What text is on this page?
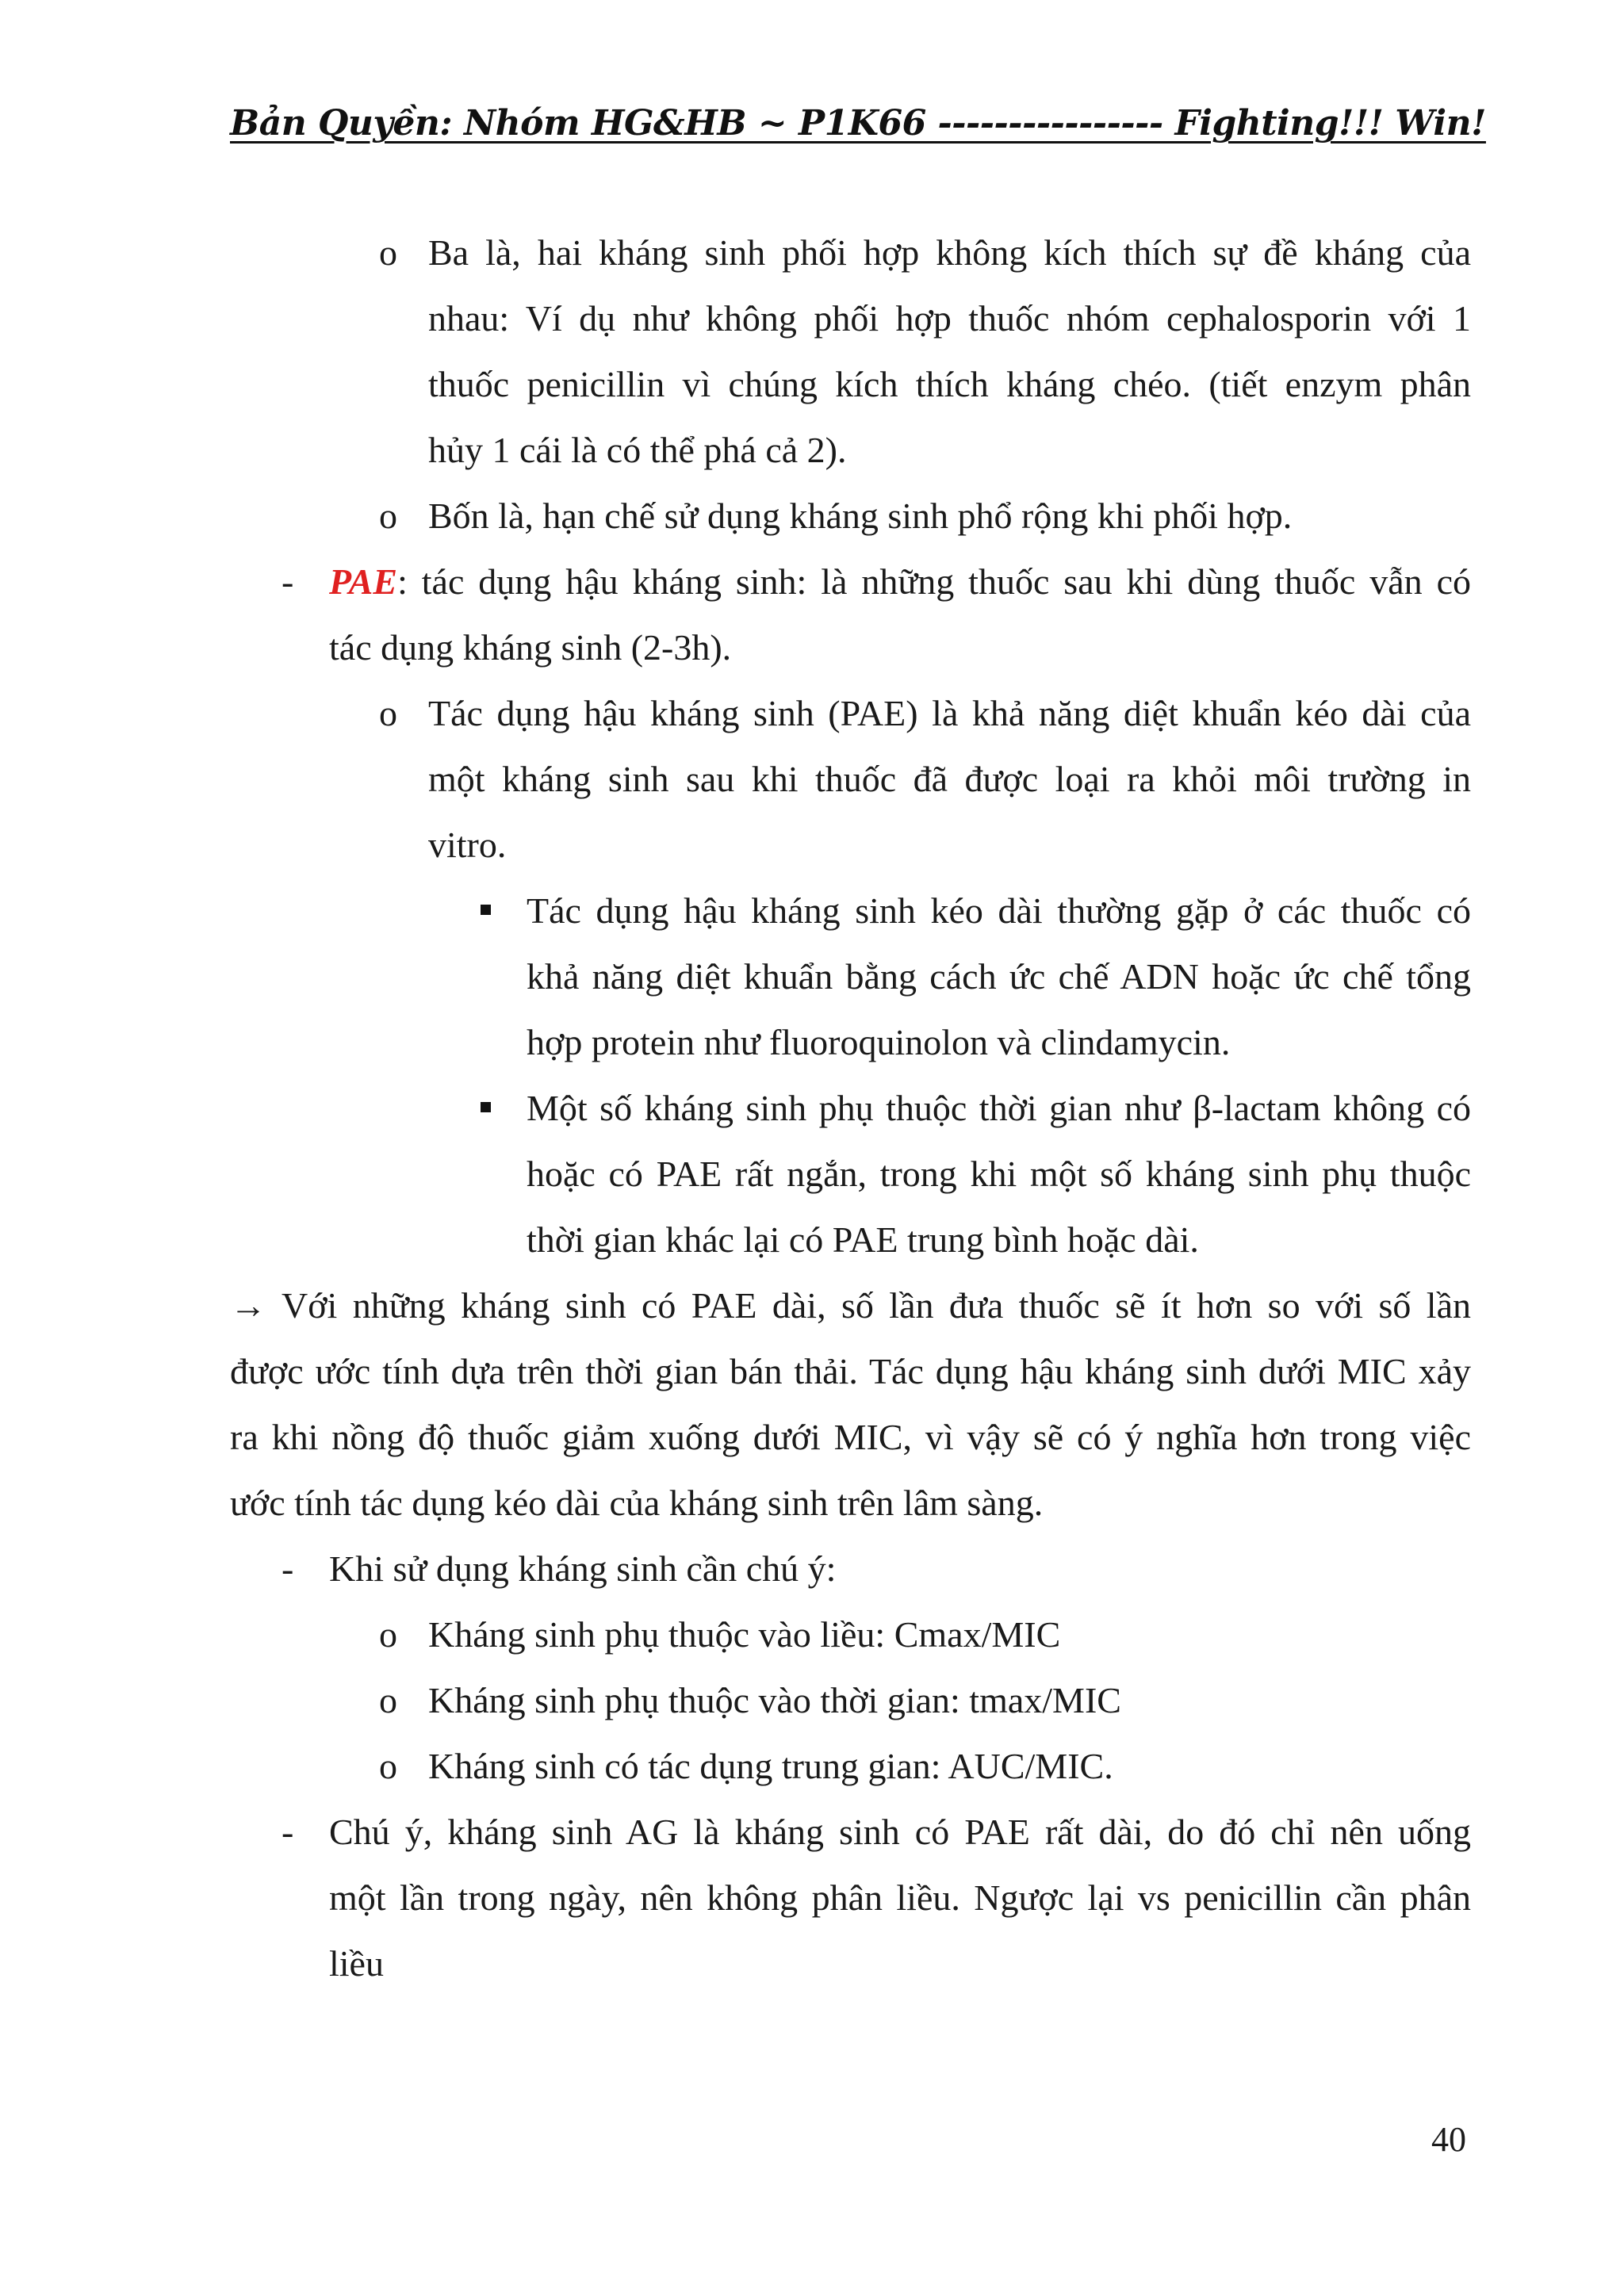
Bản Quyền: Nhóm HG&HB ~ P1K66 ---------------- Fighting!!! Win!
o Ba là, hai kháng sinh phối hợp không kích thích sự đề kháng của
nhau: Ví dụ như không phối hợp thuốc nhóm cephalosporin với 1
thuốc penicillin vì chúng kích thích kháng chéo. (tiết enzym phân
hủy 1 cái là có thể phá cả 2).
o Bốn là, hạn chế sử dụng kháng sinh phổ rộng khi phối hợp.
- PAE: tác dụng hậu kháng sinh: là những thuốc sau khi dùng thuốc vẫn có
tác dụng kháng sinh (2-3h).
o Tác dụng hậu kháng sinh (PAE) là khả năng diệt khuẩn kéo dài của
một kháng sinh sau khi thuốc đã được loại ra khỏi môi trường in
vitro.
Tác dụng hậu kháng sinh kéo dài thường gặp ở các thuốc có
khả năng diệt khuẩn bằng cách ức chế ADN hoặc ức chế tổng
hợp protein như fluoroquinolon và clindamycin.
Một số kháng sinh phụ thuộc thời gian như β-lactam không có
hoặc có PAE rất ngắn, trong khi một số kháng sinh phụ thuộc
thời gian khác lại có PAE trung bình hoặc dài.
→ Với những kháng sinh có PAE dài, số lần đưa thuốc sẽ ít hơn so với số lần
được ước tính dựa trên thời gian bán thải. Tác dụng hậu kháng sinh dưới MIC xảy
ra khi nồng độ thuốc giảm xuống dưới MIC, vì vậy sẽ có ý nghĩa hơn trong việc
ước tính tác dụng kéo dài của kháng sinh trên lâm sàng.
- Khi sử dụng kháng sinh cần chú ý:
o Kháng sinh phụ thuộc vào liều: Cmax/MIC
o Kháng sinh phụ thuộc vào thời gian: tmax/MIC
o Kháng sinh có tác dụng trung gian: AUC/MIC.
- Chú ý, kháng sinh AG là kháng sinh có PAE rất dài, do đó chỉ nên uống
một lần trong ngày, nên không phân liều. Ngược lại vs penicillin cần phân
liều
40
